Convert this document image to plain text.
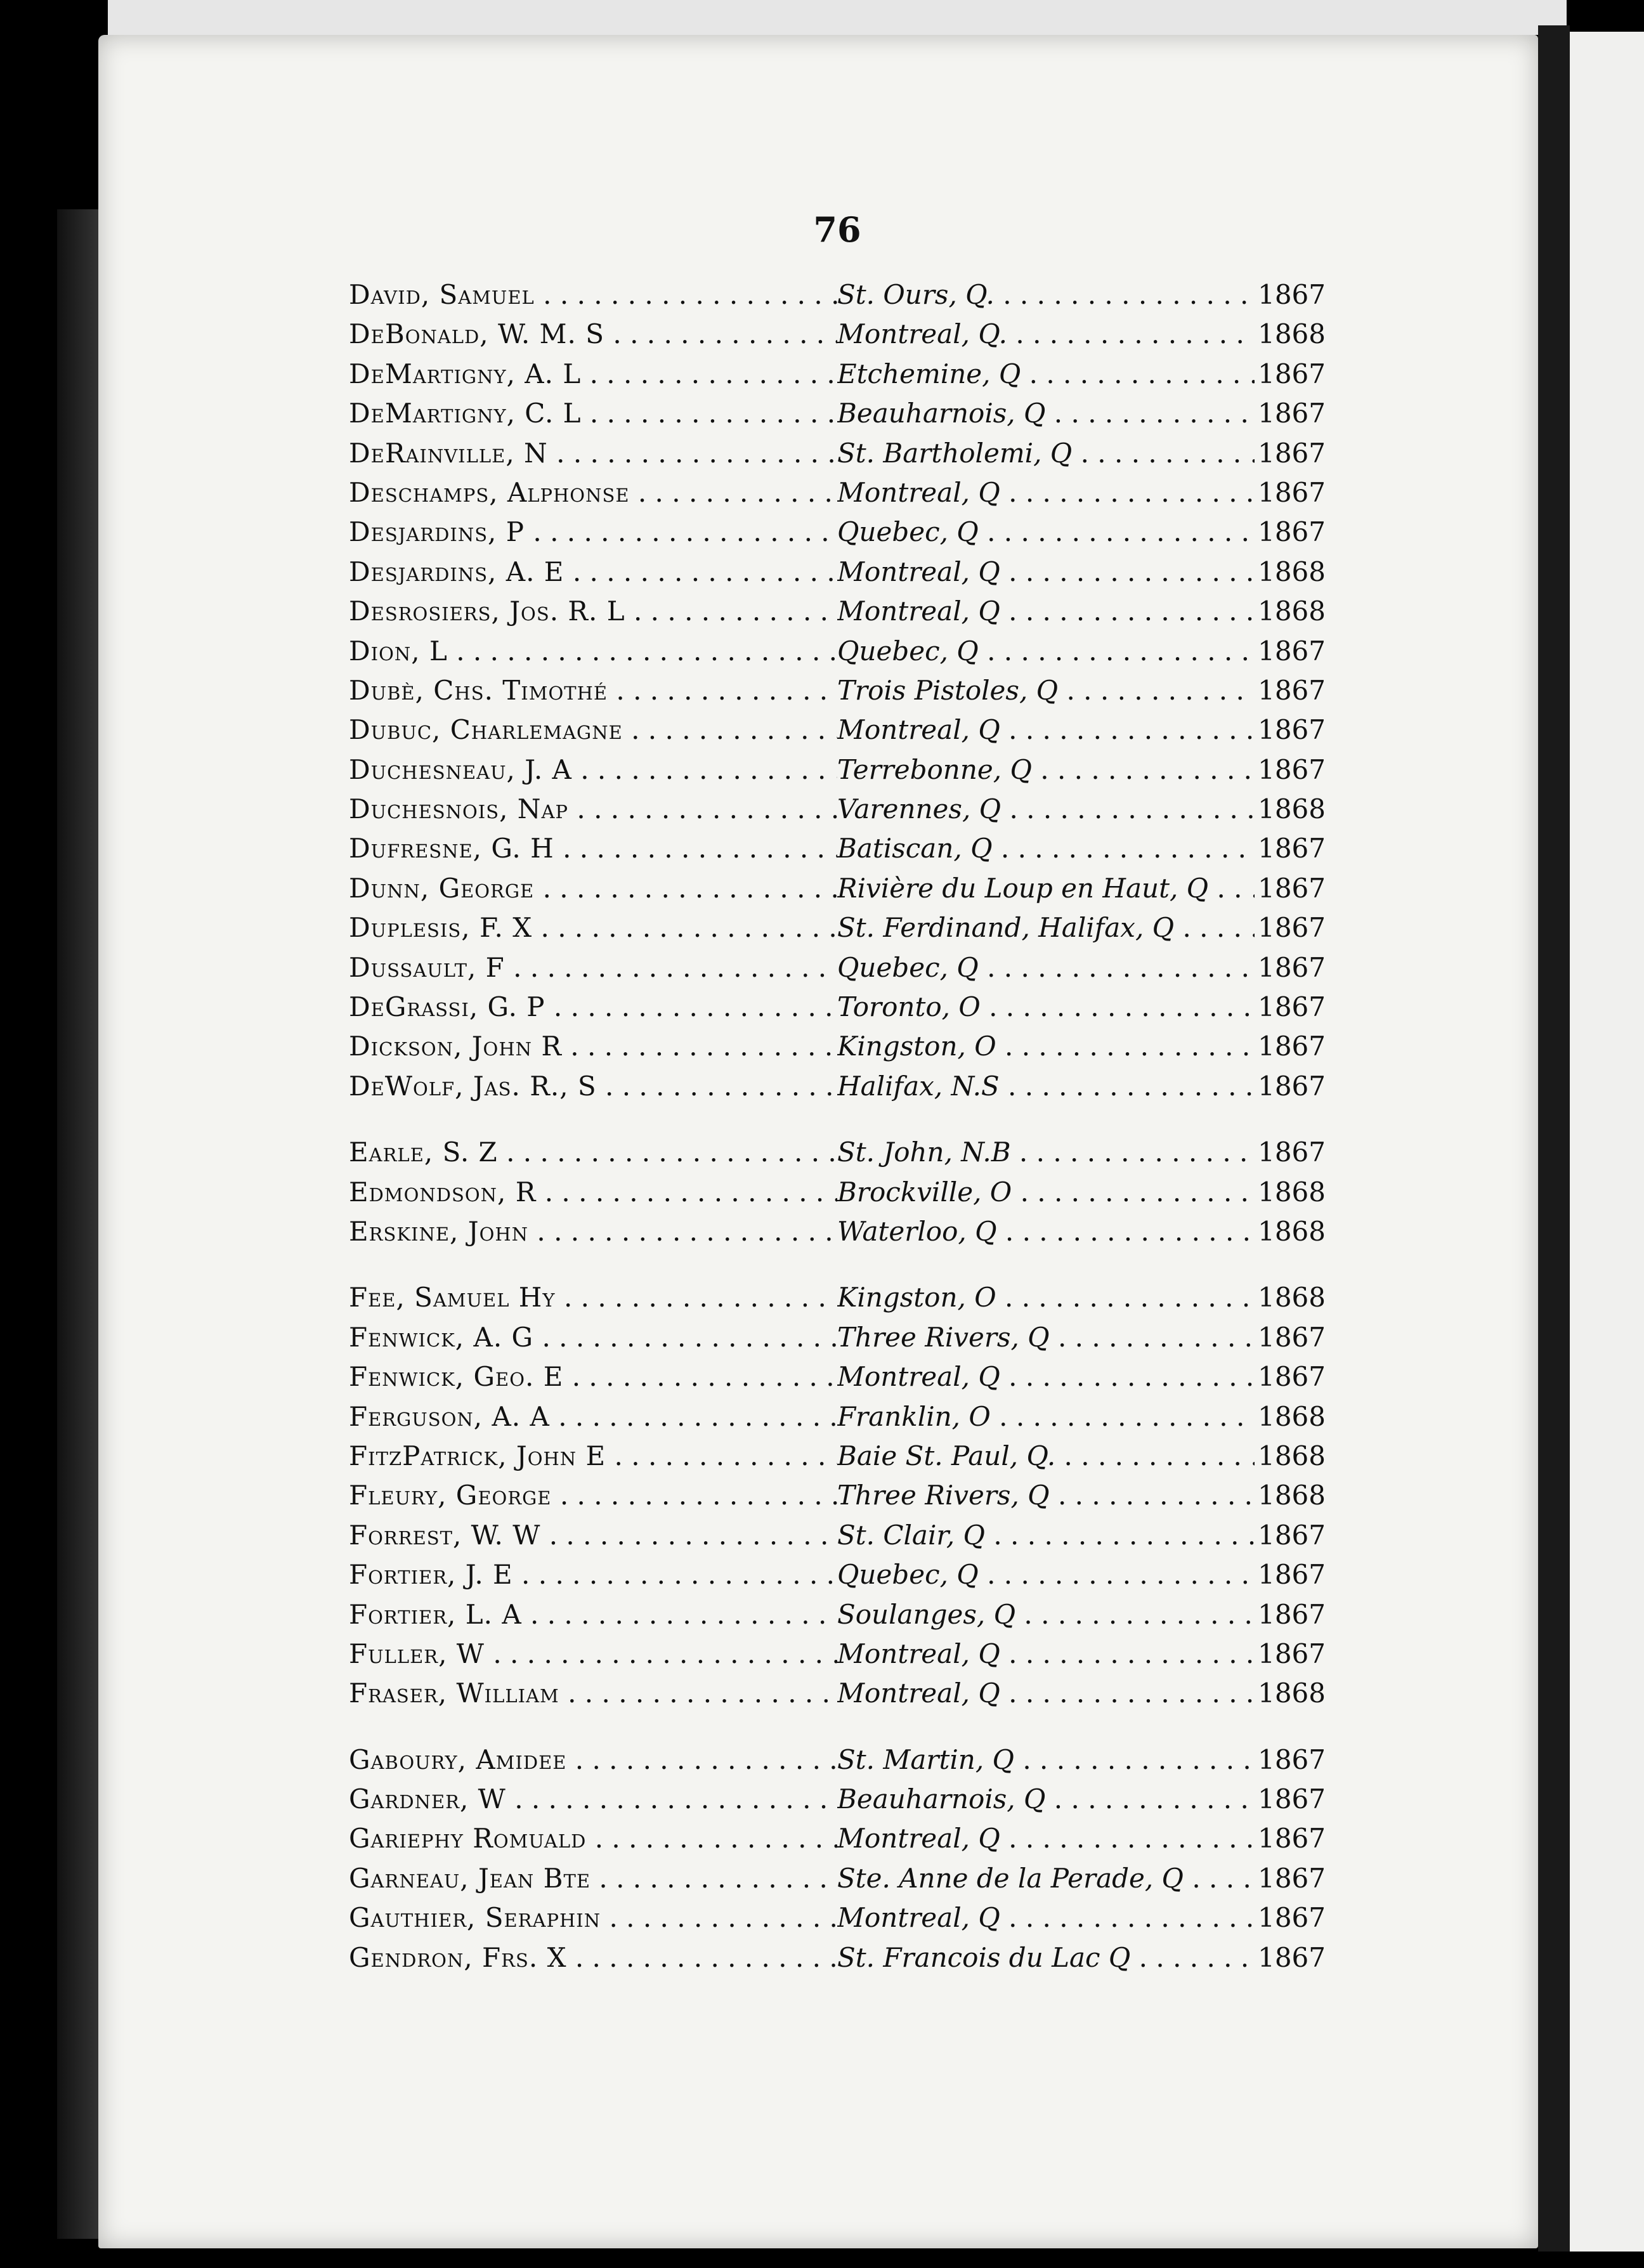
76
David, Samuel . . .	St. Ours, Q. . . .	1867
DeBonald, W. M. S . . .	Montreal, Q. . . .	1868
DeMartigny, A. L . . .	Etchemine, Q . . .	1867
DeMartigny, C. L . . .	Beauharnois, Q . . .	1867
DeRainville, N . . .	St. Bartholemi, Q . . .	1867
Deschamps, Alphonse . . .	Montreal, Q . . .	1867
Desjardins, P . . .	Quebec, Q . . .	1867
Desjardins, A. E . . .	Montreal, Q . . .	1868
Desrosiers, Jos. R. L . . .	Montreal, Q . . .	1868
Dion, L . . .	Quebec, Q . . .	1867
Dubè, Chs. Timothé . . .	Trois Pistoles, Q . . .	1867
Dubuc, Charlemagne . . .	Montreal, Q . . .	1867
Duchesneau, J. A . . .	Terrebonne, Q . . .	1867
Duchesnois, Nap . . .	Varennes, Q . . .	1868
Dufresne, G. H . . .	Batiscan, Q . . .	1867
Dunn, George . . .	Rivière du Loup en Haut, Q . . .	1867
Duplesis, F. X . . .	St. Ferdinand, Halifax, Q . . .	1867
Dussault, F . . .	Quebec, Q . . .	1867
DeGrassi, G. P . . .	Toronto, O . . .	1867
Dickson, John R . . .	Kingston, O . . .	1867
DeWolf, Jas. R., S . . .	Halifax, N.S . . .	1867
Earle, S. Z . . .	St. John, N.B . . .	1867
Edmondson, R . . .	Brockville, O . . .	1868
Erskine, John . . .	Waterloo, Q . . .	1868
Fee, Samuel Hy . . .	Kingston, O . . .	1868
Fenwick, A. G . . .	Three Rivers, Q . . .	1867
Fenwick, Geo. E . . .	Montreal, Q . . .	1867
Ferguson, A. A . . .	Franklin, O . . .	1868
FitzPatrick, John E . . .	Baie St. Paul, Q. . . .	1868
Fleury, George . . .	Three Rivers, Q . . .	1868
Forrest, W. W . . .	St. Clair, Q . . .	1867
Fortier, J. E . . .	Quebec, Q . . .	1867
Fortier, L. A . . .	Soulanges, Q . . .	1867
Fuller, W . . .	Montreal, Q . . .	1867
Fraser, William . . .	Montreal, Q . . .	1868
Gaboury, Amidee . . .	St. Martin, Q . . .	1867
Gardner, W . . .	Beauharnois, Q . . .	1867
Gariephy Romuald . . .	Montreal, Q . . .	1867
Garneau, Jean Bte . . .	Ste. Anne de la Perade, Q . . .	1867
Gauthier, Seraphin . . .	Montreal, Q . . .	1867
Gendron, Frs. X . . .	St. Francois du Lac Q . . .	1867
